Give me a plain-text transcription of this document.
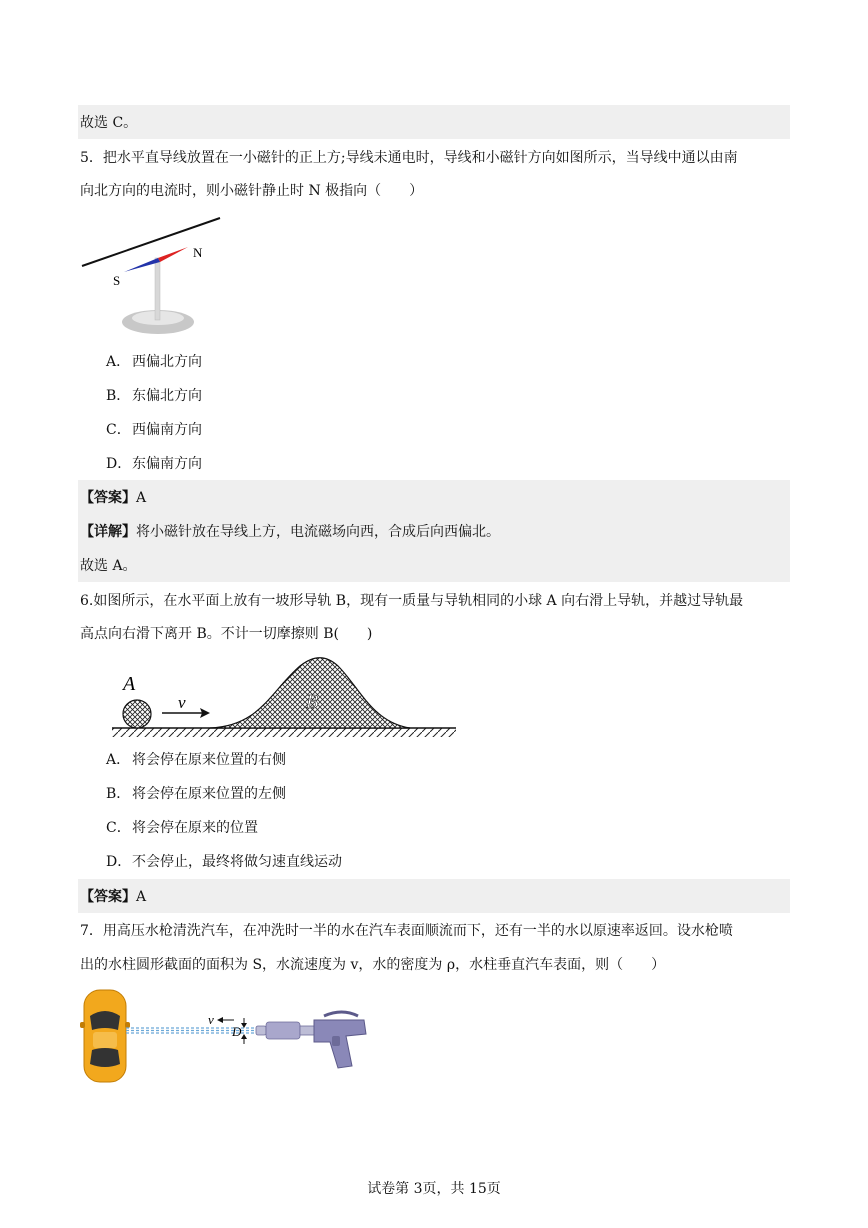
故选 C。
5．把水平直导线放置在一小磁针的正上方;导线未通电时，导线和小磁针方向如图所示，当导线中通以由南
向北方向的电流时，则小磁针静止时 N 极指向（　　）
N
S
A． 西偏北方向
B． 东偏北方向
C．西偏南方向
D．东偏南方向
【答案】A
【详解】将小磁针放在导线上方，电流磁场向西，合成后向西偏北。
故选 A。
6.如图所示，在水平面上放有一坡形导轨 B，现有一质量与导轨相同的小球 A 向右滑上导轨，并越过导轨最
高点向右滑下离开 B。不计一切摩擦则 B(　　)
B
A
v
A． 将会停在原来位置的右侧
B． 将会停在原来位置的左侧
C．将会停在原来的位置
D．不会停止，最终将做匀速直线运动
【答案】A
7．用高压水枪清洗汽车，在冲洗时一半的水在汽车表面顺流而下，还有一半的水以原速率返回。设水枪喷
出的水柱圆形截面的面积为 S，水流速度为 v，水的密度为 ρ，水柱垂直汽车表面，则（　　）
v
D
试卷第 3页，共 15页
